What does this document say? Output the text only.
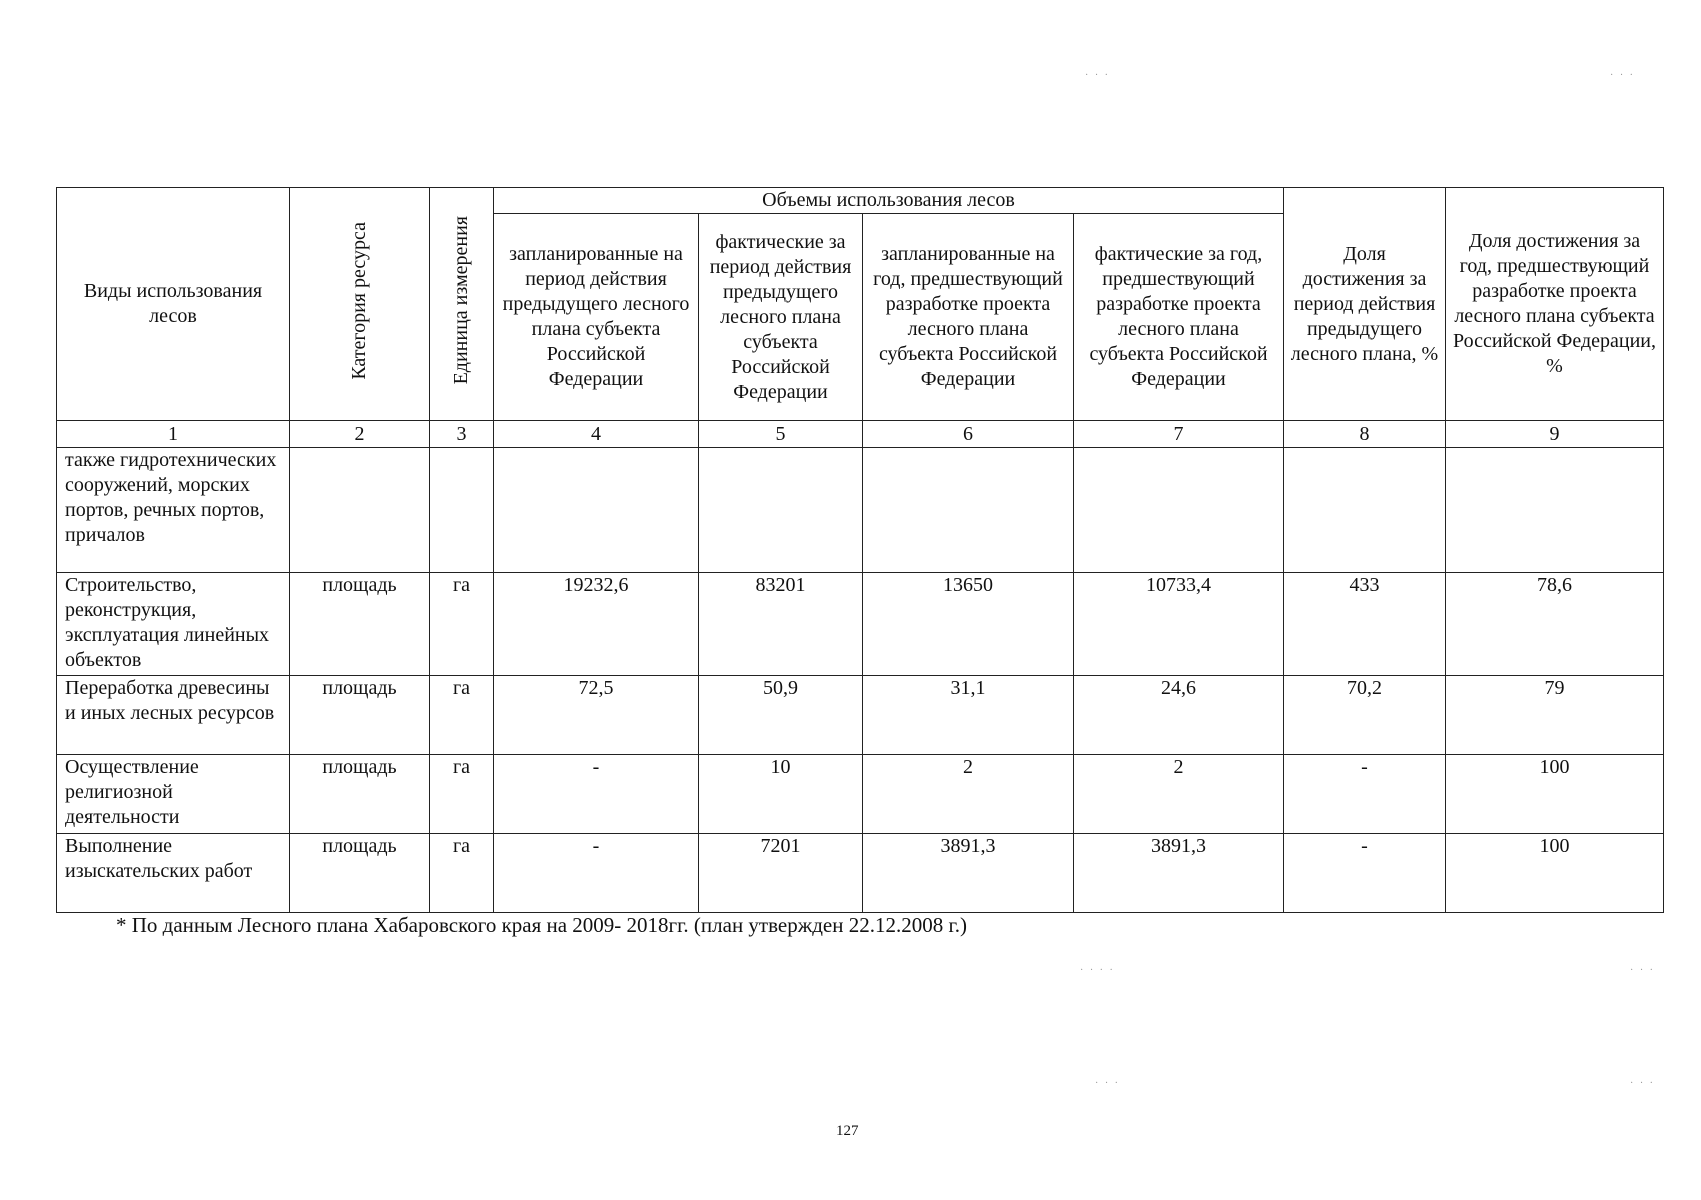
Виды использования лесов	Категория ресурса	Единица измерения	Объемы использования лесов				Доля достижения за период действия предыдущего лесного плана, %	Доля достижения за год, предшествующий разработке проекта лесного плана субъекта Российской Федерации, %
			запланированные на период действия предыдущего лесного плана субъекта Российской Федерации	фактические за период действия предыдущего лесного плана субъекта Российской Федерации	запланированные на год, предшествующий разработке проекта лесного плана субъекта Российской Федерации	фактические за год, предшествующий разработке проекта лесного плана субъекта Российской Федерации		
1	2	3	4	5	6	7	8	9
также гидротехнических сооружений, морских портов, речных портов, причалов								
Строительство, реконструкция, эксплуатация линейных объектов	площадь	га	19232,6	83201	13650	10733,4	433	78,6
Переработка древесины и иных лесных ресурсов	площадь	га	72,5	50,9	31,1	24,6	70,2	79
Осуществление религиозной деятельности	площадь	га	-	10	2	2	-	100
Выполнение изыскательских работ	площадь	га	-	7201	3891,3	3891,3	-	100
* По данным Лесного плана Хабаровского края на 2009- 2018гг. (план утвержден 22.12.2008 г.)
127
· · ·	· · ·
· · · ·	· · ·
· · ·	· · ·
